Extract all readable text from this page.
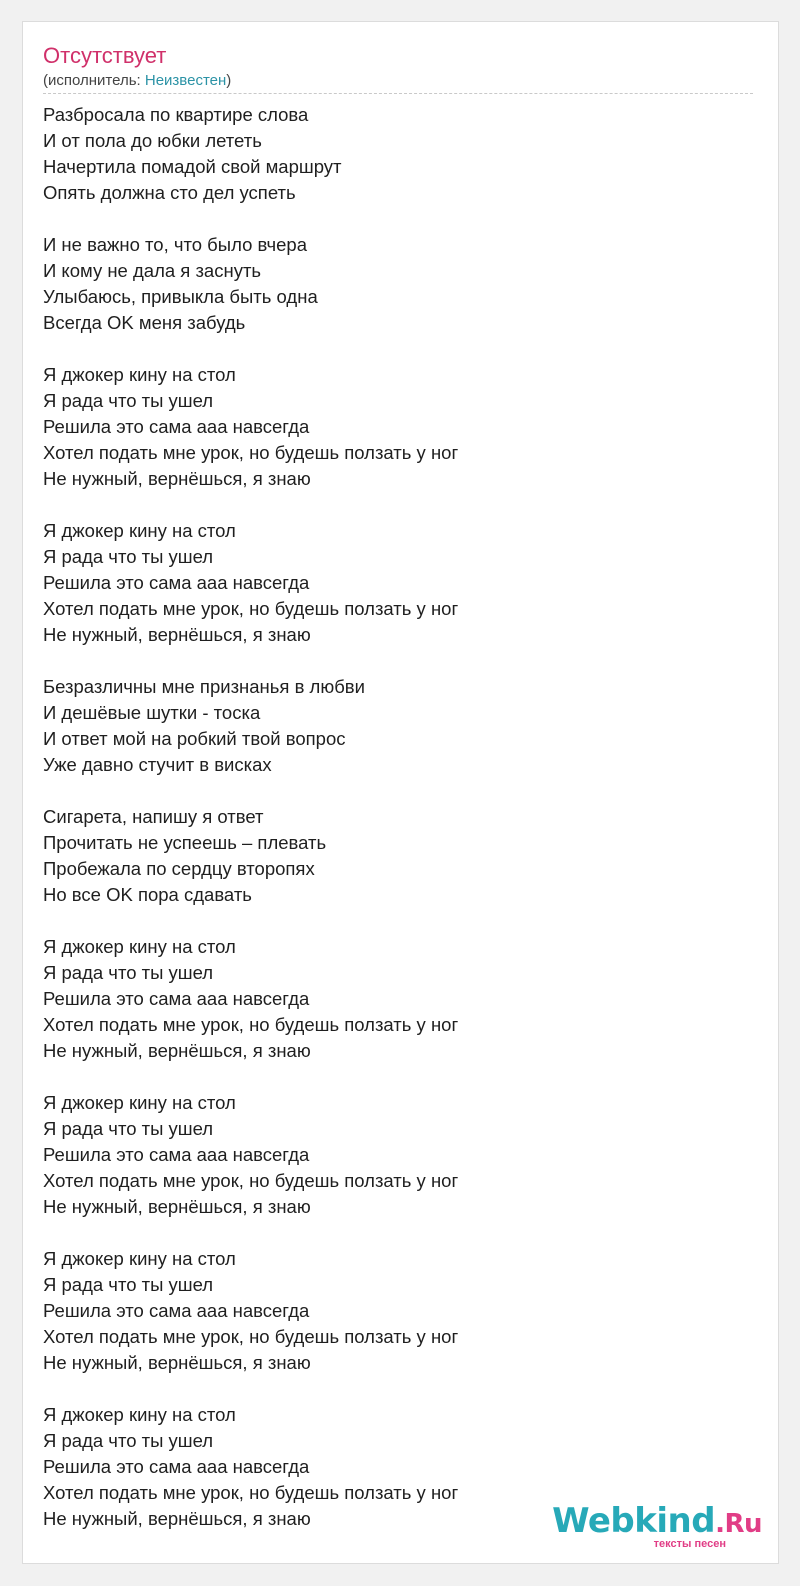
Отсутствует
(исполнитель: Неизвестен)
Разбросала по квартире слова
И от пола до юбки лететь
Начертила помадой свой маршрут
Опять должна сто дел успеть
И не важно то, что было вчера
И кому не дала я заснуть
Улыбаюсь, привыкла быть одна
Всегда OK меня забудь
Я джокер кину на стол
Я рада что ты ушел
Решила это сама ааа навсегда
Хотел подать мне урок, но будешь ползать у ног
Не нужный, вернёшься, я знаю
Я джокер кину на стол
Я рада что ты ушел
Решила это сама ааа навсегда
Хотел подать мне урок, но будешь ползать у ног
Не нужный, вернёшься, я знаю
Безразличны мне признанья в любви
И дешёвые шутки - тоска
И ответ мой на робкий твой вопрос
Уже давно стучит в висках
Сигарета, напишу я ответ
Прочитать не успеешь – плевать
Пробежала по сердцу второпях
Но все OK пора сдавать
Я джокер кину на стол
Я рада что ты ушел
Решила это сама ааа навсегда
Хотел подать мне урок, но будешь ползать у ног
Не нужный, вернёшься, я знаю
Я джокер кину на стол
Я рада что ты ушел
Решила это сама ааа навсегда
Хотел подать мне урок, но будешь ползать у ног
Не нужный, вернёшься, я знаю
Я джокер кину на стол
Я рада что ты ушел
Решила это сама ааа навсегда
Хотел подать мне урок, но будешь ползать у ног
Не нужный, вернёшься, я знаю
Я джокер кину на стол
Я рада что ты ушел
Решила это сама ааа навсегда
Хотел подать мне урок, но будешь ползать у ног
Не нужный, вернёшься, я знаю	Webkind.Ru
тексты песен
